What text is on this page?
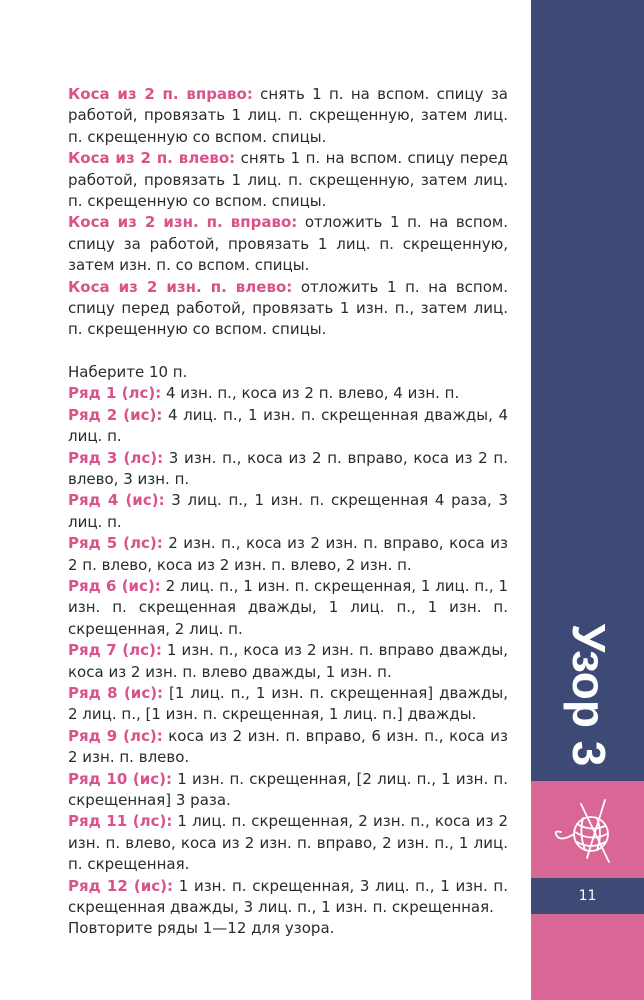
Коса из 2 п. вправо: снять 1 п. на вспом. спицу за работой, провязать 1 лиц. п. скрещенную, затем лиц. п. скрещенную со вспом. спицы.

Коса из 2 п. влево: снять 1 п. на вспом. спицу перед работой, провязать 1 лиц. п. скрещенную, затем лиц. п. скрещенную со вспом. спицы.

Коса из 2 изн. п. вправо: отложить 1 п. на вспом. спицу за работой, провязать 1 лиц. п. скрещенную, затем изн. п. со вспом. спицы.

Коса из 2 изн. п. влево: отложить 1 п. на вспом. спицу перед работой, провязать 1 изн. п., затем лиц. п. скрещенную со вспом. спицы.

Наберите 10 п.

Ряд 1 (лс): 4 изн. п., коса из 2 п. влево, 4 изн. п.

Ряд 2 (ис): 4 лиц. п., 1 изн. п. скрещенная дважды, 4 лиц. п.

Ряд 3 (лс): 3 изн. п., коса из 2 п. вправо, коса из 2 п. влево, 3 изн. п.

Ряд 4 (ис): 3 лиц. п., 1 изн. п. скрещенная 4 раза, 3 лиц. п.

Ряд 5 (лс): 2 изн. п., коса из 2 изн. п. вправо, коса из 2 п. влево, коса из 2 изн. п. влево, 2 изн. п.

Ряд 6 (ис): 2 лиц. п., 1 изн. п. скрещенная, 1 лиц. п., 1 изн. п. скрещенная дважды, 1 лиц. п., 1 изн. п. скрещенная, 2 лиц. п.

Ряд 7 (лс): 1 изн. п., коса из 2 изн. п. вправо дважды, коса из 2 изн. п. влево дважды, 1 изн. п.

Ряд 8 (ис): [1 лиц. п., 1 изн. п. скрещенная] дважды, 2 лиц. п., [1 изн. п. скрещенная, 1 лиц. п.] дважды.

Ряд 9 (лс): коса из 2 изн. п. вправо, 6 изн. п., коса из 2 изн. п. влево.

Ряд 10 (ис): 1 изн. п. скрещенная, [2 лиц. п., 1 изн. п. скрещенная] 3 раза.

Ряд 11 (лс): 1 лиц. п. скрещенная, 2 изн. п., коса из 2 изн. п. влево, коса из 2 изн. п. вправо, 2 изн. п., 1 лиц. п. скрещенная.

Ряд 12 (ис): 1 изн. п. скрещенная, 3 лиц. п., 1 изн. п. скрещенная дважды, 3 лиц. п., 1 изн. п. скрещенная.

Повторите ряды 1—12 для узора.

Узор 3
11
